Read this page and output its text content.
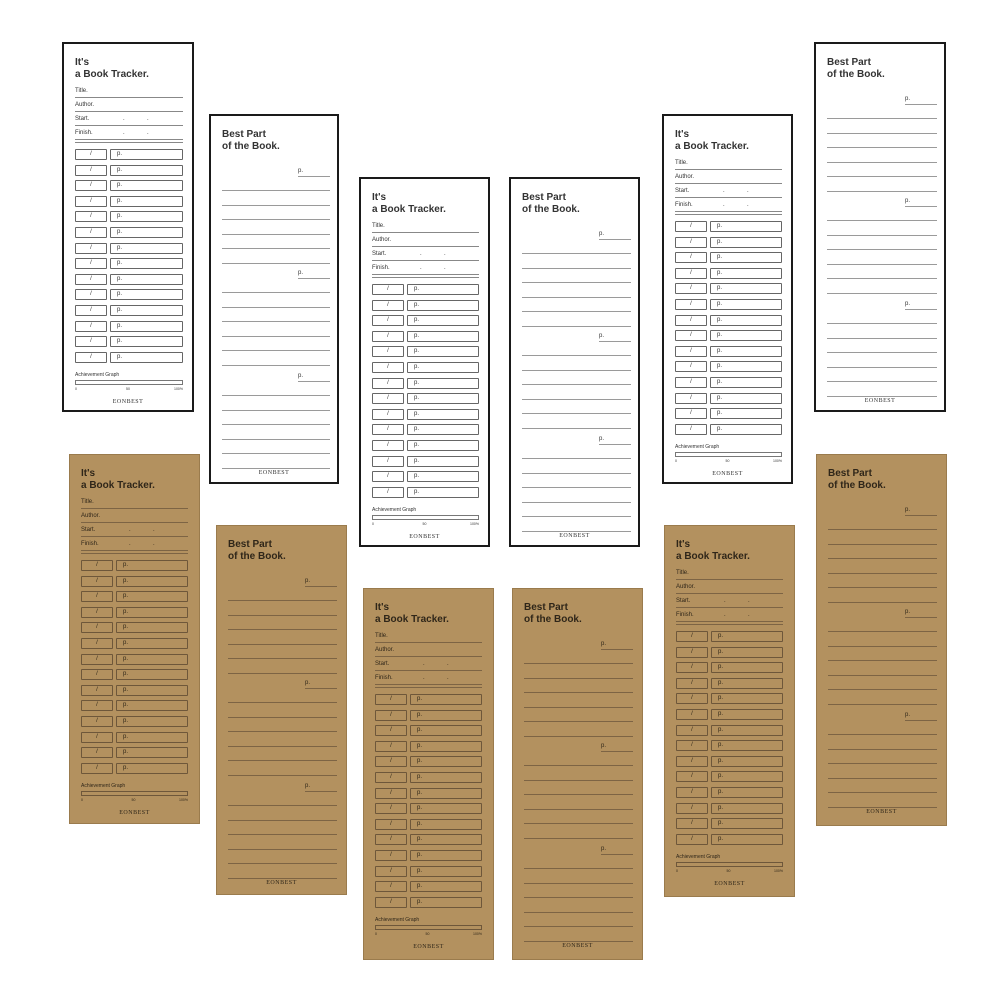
It's
a Book Tracker.
Title.
Author.
Start.	.	.
Finish.	.	.
/	p.
/	p.
/	p.
/	p.
/	p.
/	p.
/	p.
/	p.
/	p.
/	p.
/	p.
/	p.
/	p.
/	p.
Achievement Graph
0	50	100%
EONBEST
Best Part
of the Book.
p.
p.
p.
EONBEST
It's
a Book Tracker.
Title.
Author.
Start.	.	.
Finish.	.	.
/	p.
/	p.
/	p.
/	p.
/	p.
/	p.
/	p.
/	p.
/	p.
/	p.
/	p.
/	p.
/	p.
/	p.
Achievement Graph
0	50	100%
EONBEST
Best Part
of the Book.
p.
p.
p.
EONBEST
It's
a Book Tracker.
Title.
Author.
Start.	.	.
Finish.	.	.
/	p.
/	p.
/	p.
/	p.
/	p.
/	p.
/	p.
/	p.
/	p.
/	p.
/	p.
/	p.
/	p.
/	p.
Achievement Graph
0	50	100%
EONBEST
Best Part
of the Book.
p.
p.
p.
EONBEST
It's
a Book Tracker.
Title.
Author.
Start.	.	.
Finish.	.	.
/	p.
/	p.
/	p.
/	p.
/	p.
/	p.
/	p.
/	p.
/	p.
/	p.
/	p.
/	p.
/	p.
/	p.
Achievement Graph
0	50	100%
EONBEST
Best Part
of the Book.
p.
p.
p.
EONBEST
It's
a Book Tracker.
Title.
Author.
Start.	.	.
Finish.	.	.
/	p.
/	p.
/	p.
/	p.
/	p.
/	p.
/	p.
/	p.
/	p.
/	p.
/	p.
/	p.
/	p.
/	p.
Achievement Graph
0	50	100%
EONBEST
Best Part
of the Book.
p.
p.
p.
EONBEST
It's
a Book Tracker.
Title.
Author.
Start.	.	.
Finish.	.	.
/	p.
/	p.
/	p.
/	p.
/	p.
/	p.
/	p.
/	p.
/	p.
/	p.
/	p.
/	p.
/	p.
/	p.
Achievement Graph
0	50	100%
EONBEST
Best Part
of the Book.
p.
p.
p.
EONBEST
